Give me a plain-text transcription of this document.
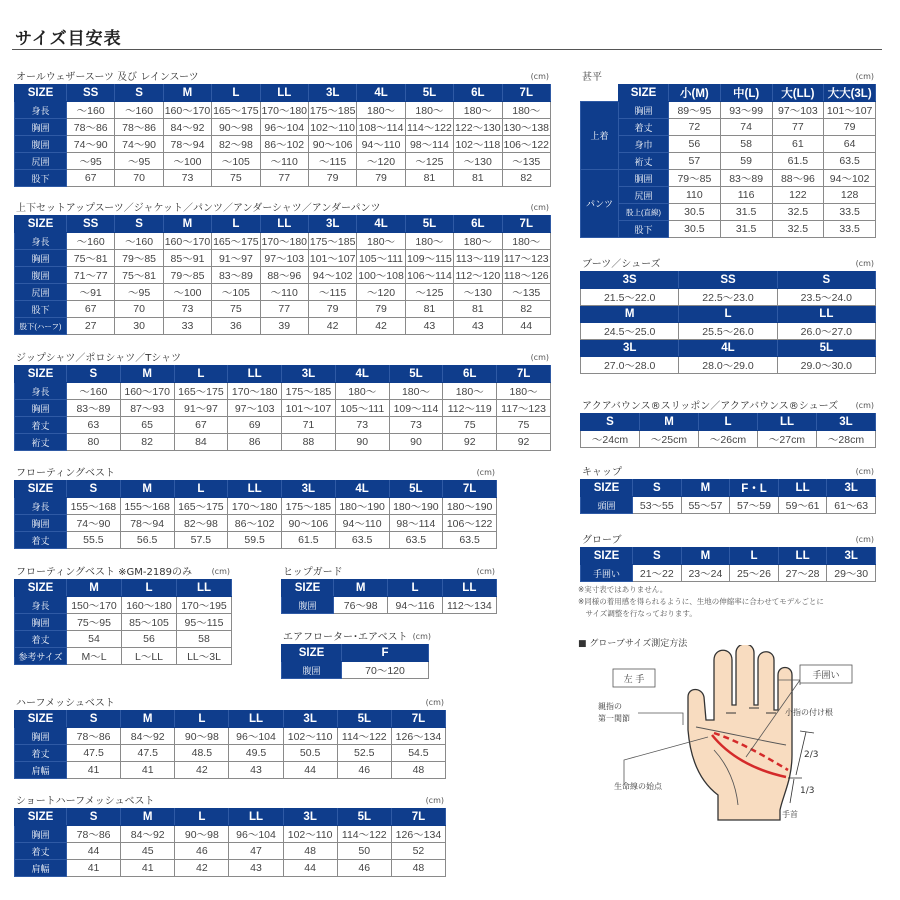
サイズ目安表
オールウェザースーツ 及び レインスーツ	(cm)
SIZE	SS	S	M	L	LL	3L	4L	5L	6L	7L
身長	～160	～160	160～170	165～175	170～180	175～185	180～	180～	180～	180～
胸囲	78～86	78～86	84～92	90～98	96～104	102～110	108～114	114～122	122～130	130～138
腹囲	74～90	74～90	78～94	82～98	86～102	90～106	94～110	98～114	102～118	106～122
尻囲	～95	～95	～100	～105	～110	～115	～120	～125	～130	～135
股下	67	70	73	75	77	79	79	81	81	82
上下セットアップスーツ／ジャケット／パンツ／アンダーシャツ／アンダーパンツ	(cm)
SIZE	SS	S	M	L	LL	3L	4L	5L	6L	7L
身長	～160	～160	160～170	165～175	170～180	175～185	180～	180～	180～	180～
胸囲	75～81	79～85	85～91	91～97	97～103	101～107	105～111	109～115	113～119	117～123
腹囲	71～77	75～81	79～85	83～89	88～96	94～102	100～108	106～114	112～120	118～126
尻囲	～91	～95	～100	～105	～110	～115	～120	～125	～130	～135
股下	67	70	73	75	77	79	79	81	81	82
股下(ハーフ)	27	30	33	36	39	42	42	43	43	44
ジップシャツ／ポロシャツ／Tシャツ	(cm)
SIZE	S	M	L	LL	3L	4L	5L	6L	7L
身長	～160	160～170	165～175	170～180	175～185	180～	180～	180～	180～
胸囲	83～89	87～93	91～97	97～103	101～107	105～111	109～114	112～119	117～123
着丈	63	65	67	69	71	73	73	75	75
裄丈	80	82	84	86	88	90	90	92	92
フローティングベスト	(cm)
SIZE	S	M	L	LL	3L	4L	5L	7L
身長	155～168	155～168	165～175	170～180	175～185	180～190	180～190	180～190
胸囲	74～90	78～94	82～98	86～102	90～106	94～110	98～114	106～122
着丈	55.5	56.5	57.5	59.5	61.5	63.5	63.5	63.5
フローティングベスト ※GM-2189のみ (cm)
SIZE	M	L	LL
身長	150～170	160～180	170～195
胸囲	75～95	85～105	95～115
着丈	54	56	58
参考サイズ	M～L	L～LL	LL～3L
ヒップガード	(cm)
SIZE	M	L	LL
腹囲	76～98	94～116	112～134
エアフローター･エアベスト (cm)
SIZE	F
腹囲	70～120
ハーフメッシュベスト	(cm)
SIZE	S	M	L	LL	3L	5L	7L
胸囲	78～86	84～92	90～98	96～104	102～110	114～122	126～134
着丈	47.5	47.5	48.5	49.5	50.5	52.5	54.5
肩幅	41	41	42	43	44	46	48
ショートハーフメッシュベスト	(cm)
SIZE	S	M	L	LL	3L	5L	7L
胸囲	78～86	84～92	90～98	96～104	102～110	114～122	126～134
着丈	44	45	46	47	48	50	52
肩幅	41	41	42	43	44	46	48
甚平	(cm)
	SIZE	小(M)	中(L)	大(LL)	大大(3L)
上着	胸囲	89～95	93～99	97～103	101～107
	着丈	72	74	77	79
	身巾	56	58	61	64
	裄丈	57	59	61.5	63.5
パンツ	胴囲	79～85	83～89	88～96	94～102
	尻囲	110	116	122	128
	股上(直線)	30.5	31.5	32.5	33.5
	股下	30.5	31.5	32.5	33.5
ブーツ／シューズ	(cm)
3S	SS	S
21.5～22.0	22.5～23.0	23.5～24.0
M	L	LL
24.5～25.0	25.5～26.0	26.0～27.0
3L	4L	5L
27.0～28.0	28.0～29.0	29.0～30.0
アクアバウンス®スリッポン／アクアバウンス®シューズ (cm)
S	M	L	LL	3L
～24cm	～25cm	～26cm	～27cm	～28cm
キャップ	(cm)
SIZE	S	M	F・L	LL	3L
頭囲	53～55	55～57	57～59	59～61	61～63
グローブ	(cm)
SIZE	S	M	L	LL	3L
手囲い	21～22	23～24	25～26	27～28	29～30
※実寸表ではありません。
※同様の着用感を得られるように、生地の伸縮率に合わせてモデルごとに
　サイズ調整を行なっております。
■ グローブサイズ測定方法
左 手	手囲い
親指の
第一関節
小指の付け根
2/3
1/3
生命線の始点
手首
